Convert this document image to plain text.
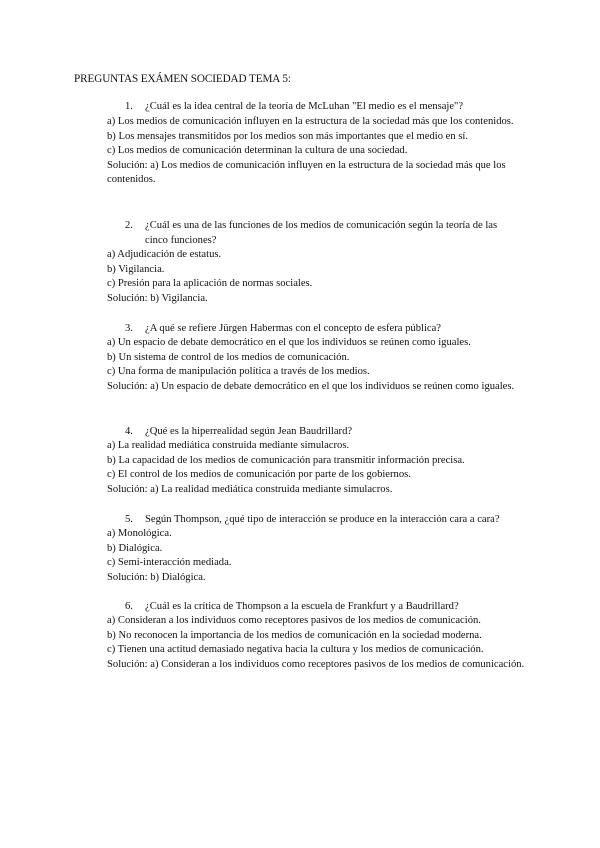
PREGUNTAS EXÁMEN SOCIEDAD TEMA 5:
1. ¿Cuál es la idea central de la teoría de McLuhan "El medio es el mensaje"?
a) Los medios de comunicación influyen en la estructura de la sociedad más que los contenidos.
b) Los mensajes transmitidos por los medios son más importantes que el medio en sí.
c) Los medios de comunicación determinan la cultura de una sociedad.
Solución: a) Los medios de comunicación influyen en la estructura de la sociedad más que los contenidos.
2. ¿Cuál es una de las funciones de los medios de comunicación según la teoría de las cinco funciones?
a) Adjudicación de estatus.
b) Vigilancia.
c) Presión para la aplicación de normas sociales.
Solución: b) Vigilancia.
3. ¿A qué se refiere Jürgen Habermas con el concepto de esfera pública?
a) Un espacio de debate democrático en el que los individuos se reúnen como iguales.
b) Un sistema de control de los medios de comunicación.
c) Una forma de manipulación política a través de los medios.
Solución: a) Un espacio de debate democrático en el que los individuos se reúnen como iguales.
4. ¿Qué es la hiperrealidad según Jean Baudrillard?
a) La realidad mediática construida mediante simulacros.
b) La capacidad de los medios de comunicación para transmitir información precisa.
c) El control de los medios de comunicación por parte de los gobiernos.
Solución: a) La realidad mediática construida mediante simulacros.
5. Según Thompson, ¿qué tipo de interacción se produce en la interacción cara a cara?
a) Monológica.
b) Dialógica.
c) Semi-interacción mediada.
Solución: b) Dialógica.
6. ¿Cuál es la crítica de Thompson a la escuela de Frankfurt y a Baudrillard?
a) Consideran a los individuos como receptores pasivos de los medios de comunicación.
b) No reconocen la importancia de los medios de comunicación en la sociedad moderna.
c) Tienen una actitud demasiado negativa hacia la cultura y los medios de comunicación.
Solución: a) Consideran a los individuos como receptores pasivos de los medios de comunicación.
